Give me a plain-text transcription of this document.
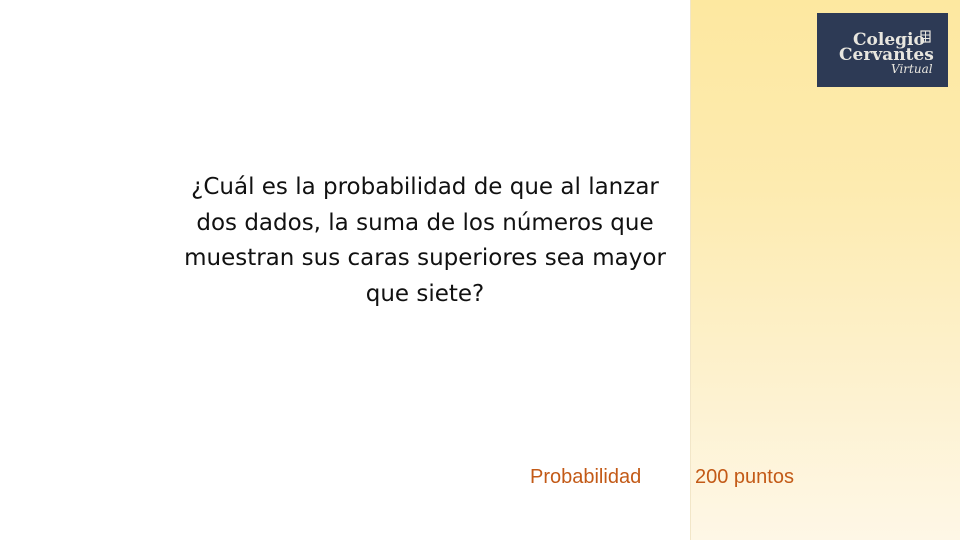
Colegio
Cervantes
Virtual
¿Cuál es la probabilidad de que al lanzar dos dados, la suma de los números que muestran sus caras superiores sea mayor que siete?
Probabilidad	200 puntos
